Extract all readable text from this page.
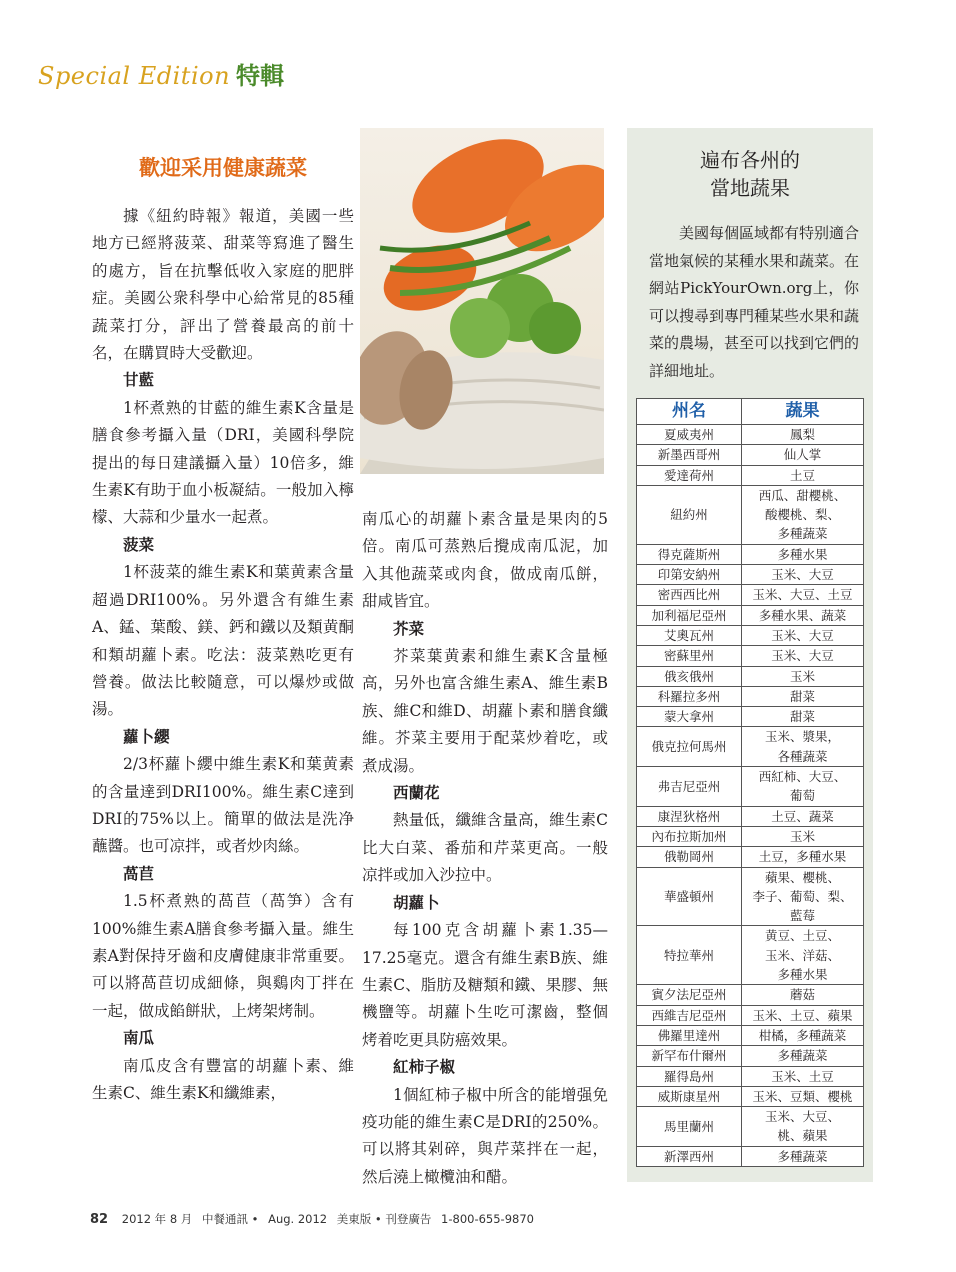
Special Edition 特輯
歡迎采用健康蔬菜

據《紐約時報》報道，美國一些地方已經將菠菜、甜菜等寫進了醫生的處方，旨在抗擊低收入家庭的肥胖症。美國公衆科學中心給常見的85種蔬菜打分，評出了營養最高的前十名，在購買時大受歡迎。

甘藍

1杯煮熟的甘藍的維生素K含量是膳食參考攝入量（DRI，美國科學院提出的每日建議攝入量）10倍多，維生素K有助于血小板凝結。一般加入檸檬、大蒜和少量水一起煮。

菠菜

1杯菠菜的維生素K和葉黄素含量超過DRI100%。另外還含有維生素A、錳、葉酸、鎂、鈣和鐵以及類黄酮和類胡蘿卜素。吃法：菠菜熟吃更有營養。做法比較隨意，可以爆炒或做湯。

蘿卜纓

2/3杯蘿卜纓中維生素K和葉黄素的含量達到DRI100%。維生素C達到DRI的75%以上。簡單的做法是洗净蘸醬。也可凉拌，或者炒肉絲。

萵苣

1.5杯煮熟的萵苣（萵笋）含有100%維生素A膳食參考攝入量。維生素A對保持牙齒和皮膚健康非常重要。可以將萵苣切成細條，與鷄肉丁拌在一起，做成餡餅狀，上烤架烤制。

南瓜

南瓜皮含有豐富的胡蘿卜素、維生素C、維生素K和纖維素，

南瓜心的胡蘿卜素含量是果肉的5倍。南瓜可蒸熟后攪成南瓜泥，加入其他蔬菜或肉食，做成南瓜餅，甜咸皆宜。

芥菜

芥菜葉黄素和維生素K含量極高，另外也富含維生素A、維生素B族、維C和維D、胡蘿卜素和膳食纖維。芥菜主要用于配菜炒着吃，或煮成湯。

西蘭花

熱量低，纖維含量高，維生素C比大白菜、番茄和芹菜更高。一般凉拌或加入沙拉中。

胡蘿卜

每100克含胡蘿卜素1.35—17.25毫克。還含有維生素B族、維生素C、脂肪及糖類和鐵、果膠、無機鹽等。胡蘿卜生吃可潔齒，整個烤着吃更具防癌效果。

紅柿子椒

1個紅柿子椒中所含的能增强免疫功能的維生素C是DRI的250%。可以將其剁碎，與芹菜拌在一起，然后澆上橄欖油和醋。

遍布各州的
當地蔬果

美國每個區域都有特别適合當地氣候的某種水果和蔬菜。在網站PickYourOwn.org上，你可以搜尋到專門種某些水果和蔬菜的農場，甚至可以找到它們的詳細地址。

州名	蔬果
夏威夷州	鳳梨

新墨西哥州	仙人掌

愛達荷州	土豆

紐約州	西瓜、甜櫻桃、
酸櫻桃、梨、
多種蔬菜

得克薩斯州	多種水果

印第安納州	玉米、大豆

密西西比州	玉米、大豆、土豆

加利福尼亞州	多種水果、蔬菜

艾奧瓦州	玉米、大豆

密蘇里州	玉米、大豆

俄亥俄州	玉米

科羅拉多州	甜菜

蒙大拿州	甜菜

俄克拉何馬州	玉米、漿果，
各種蔬菜

弗吉尼亞州	西紅柿、大豆、
葡萄

康涅狄格州	土豆、蔬菜

內布拉斯加州	玉米

俄勒岡州	土豆，多種水果

華盛頓州	蘋果、櫻桃、
李子、葡萄、梨、
藍莓

特拉華州	黄豆、土豆、
玉米、洋菇、
多種水果

賓夕法尼亞州	蘑菇

西維吉尼亞州	玉米、土豆、蘋果

佛羅里達州	柑橘，多種蔬菜

新罕布什爾州	多種蔬菜

羅得島州	玉米、土豆

威斯康星州	玉米、豆類、櫻桃

馬里蘭州	玉米、大豆、
桃、蘋果

新澤西州	多種蔬菜
82 2012 年 8 月 中餐通訊 • Aug. 2012 美東版 • 刊登廣告 1-800-655-9870
